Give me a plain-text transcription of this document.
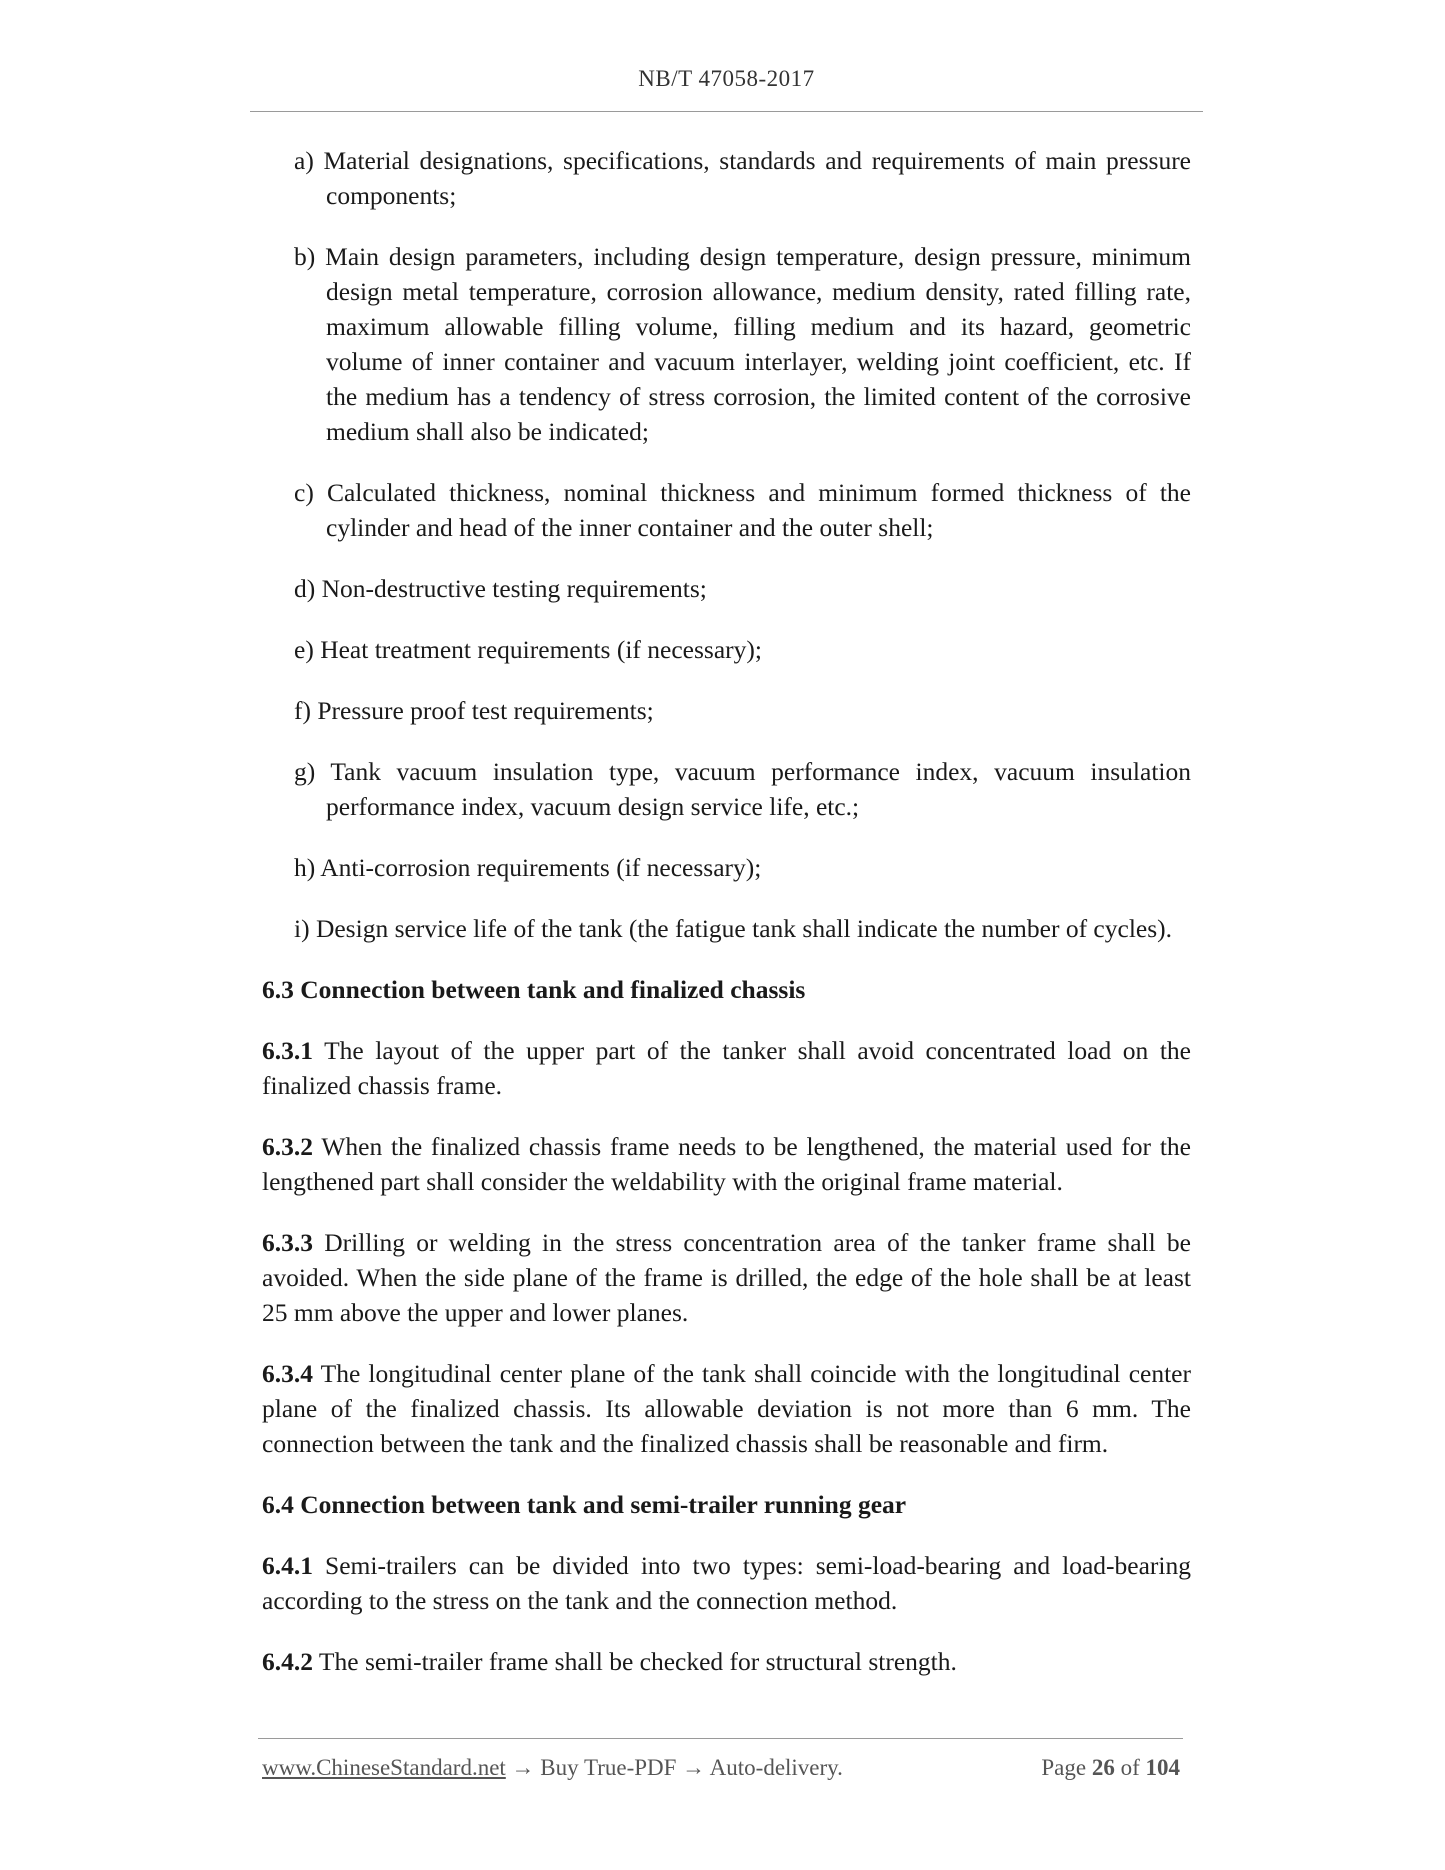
NB/T 47058-2017
a) Material designations, specifications, standards and requirements of main pressure components;
b) Main design parameters, including design temperature, design pressure, minimum design metal temperature, corrosion allowance, medium density, rated filling rate, maximum allowable filling volume, filling medium and its hazard, geometric volume of inner container and vacuum interlayer, welding joint coefficient, etc. If the medium has a tendency of stress corrosion, the limited content of the corrosive medium shall also be indicated;
c) Calculated thickness, nominal thickness and minimum formed thickness of the cylinder and head of the inner container and the outer shell;
d) Non-destructive testing requirements;
e) Heat treatment requirements (if necessary);
f) Pressure proof test requirements;
g) Tank vacuum insulation type, vacuum performance index, vacuum insulation performance index, vacuum design service life, etc.;
h) Anti-corrosion requirements (if necessary);
i) Design service life of the tank (the fatigue tank shall indicate the number of cycles).
6.3 Connection between tank and finalized chassis
6.3.1 The layout of the upper part of the tanker shall avoid concentrated load on the finalized chassis frame.
6.3.2 When the finalized chassis frame needs to be lengthened, the material used for the lengthened part shall consider the weldability with the original frame material.
6.3.3 Drilling or welding in the stress concentration area of the tanker frame shall be avoided. When the side plane of the frame is drilled, the edge of the hole shall be at least 25 mm above the upper and lower planes.
6.3.4 The longitudinal center plane of the tank shall coincide with the longitudinal center plane of the finalized chassis. Its allowable deviation is not more than 6 mm. The connection between the tank and the finalized chassis shall be reasonable and firm.
6.4 Connection between tank and semi-trailer running gear
6.4.1 Semi-trailers can be divided into two types: semi-load-bearing and load-bearing according to the stress on the tank and the connection method.
6.4.2 The semi-trailer frame shall be checked for structural strength.
www.ChineseStandard.net → Buy True-PDF → Auto-delivery.	Page 26 of 104
